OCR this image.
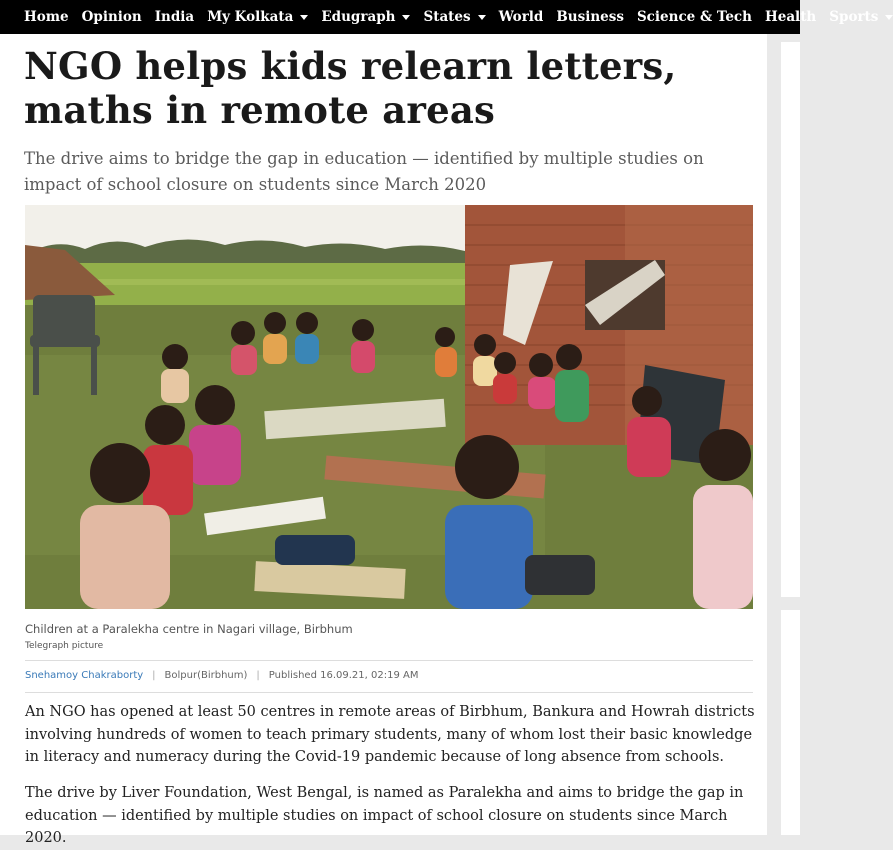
Home Opinion India My Kolkata Edugraph States World Business Science & Tech Health Sports
NGO helps kids relearn letters, maths in remote areas

The drive aims to bridge the gap in education — identified by multiple studies on impact of school closure on students since March 2020

Children at a Paralekha centre in Nagari village, Birbhum
Telegraph picture
Snehamoy Chakraborty | Bolpur(Birbhum) | Published 16.09.21, 02:19 AM

An NGO has opened at least 50 centres in remote areas of Birbhum, Bankura and Howrah districts involving hundreds of women to teach primary students, many of whom lost their basic knowledge in literacy and numeracy during the Covid-19 pandemic because of long absence from schools.

The drive by Liver Foundation, West Bengal, is named as Paralekha and aims to bridge the gap in education — identified by multiple studies on impact of school closure on students since March 2020.
